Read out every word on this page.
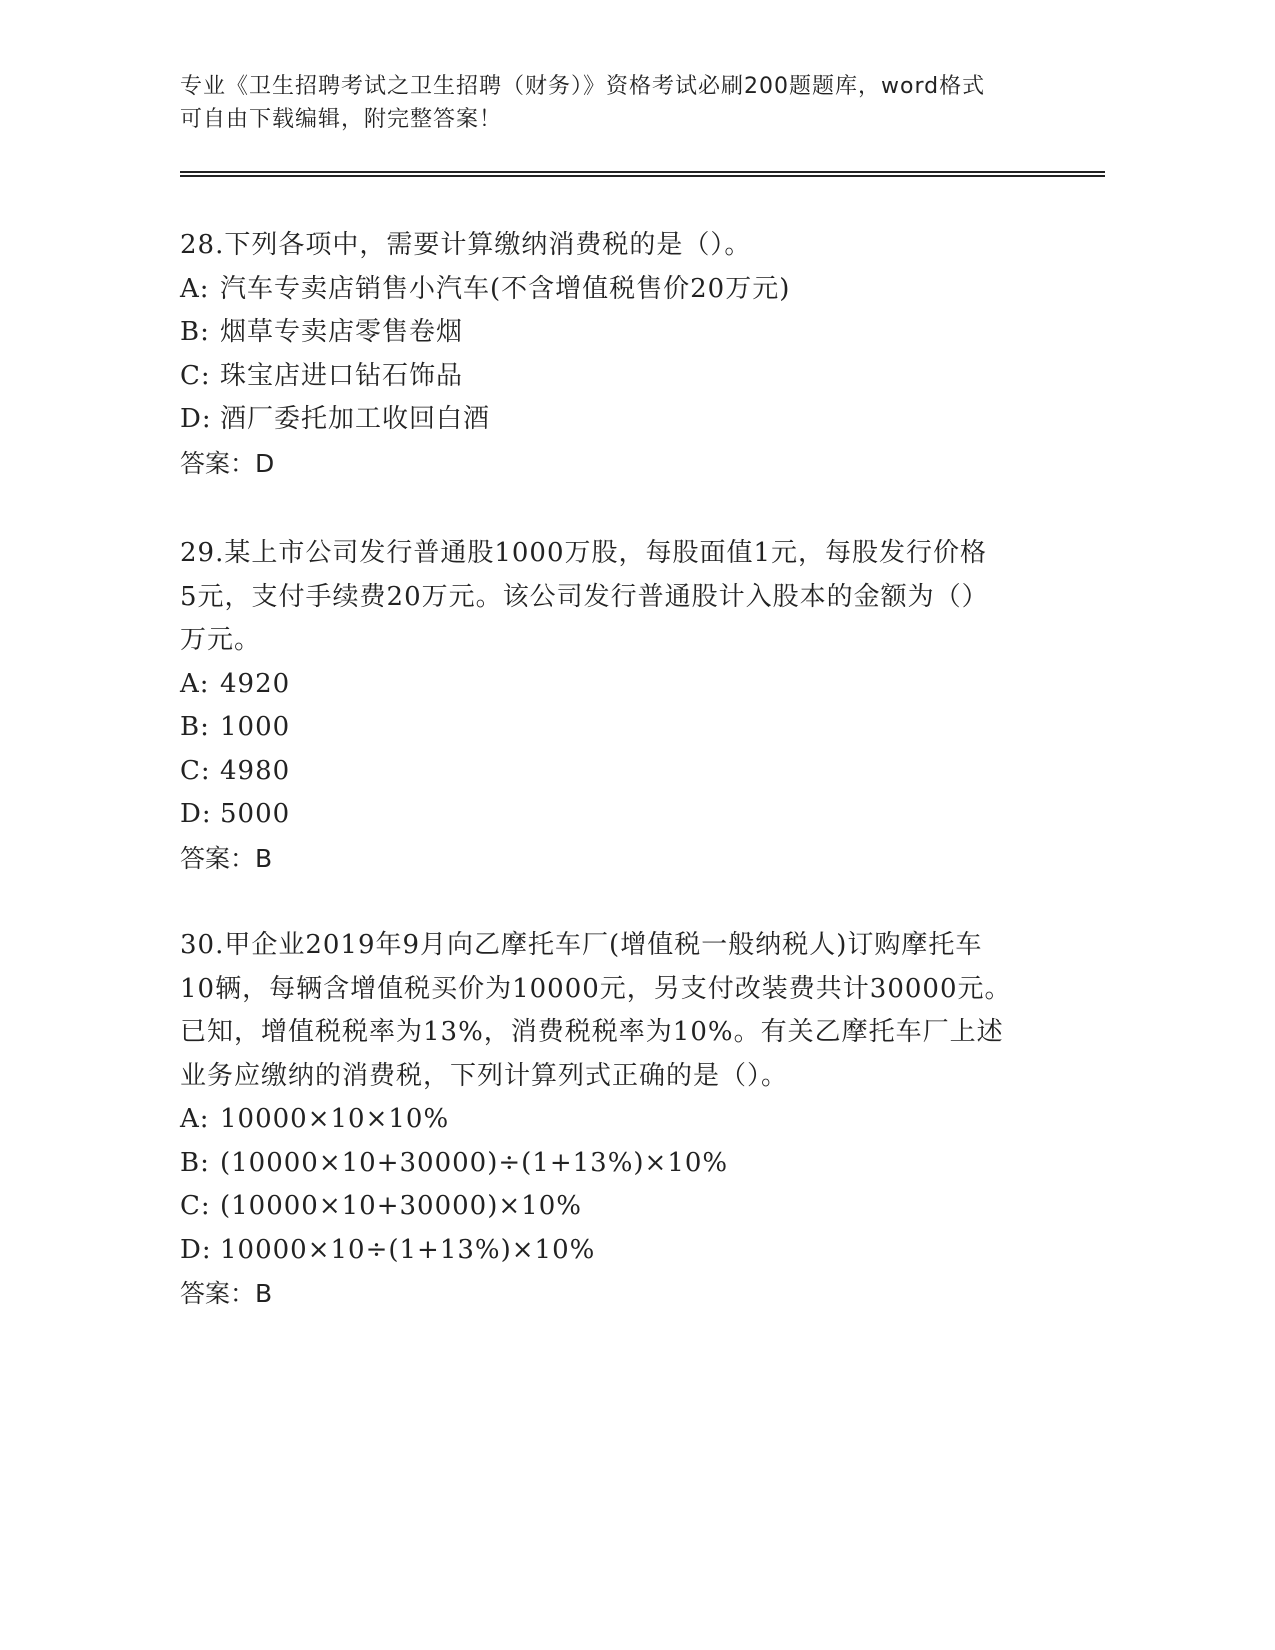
专业《卫生招聘考试之卫生招聘（财务）》资格考试必刷200题题库，word格式
可自由下载编辑，附完整答案！
28.下列各项中，需要计算缴纳消费税的是（）。
A: 汽车专卖店销售小汽车(不含增值税售价20万元)
B: 烟草专卖店零售卷烟
C: 珠宝店进口钻石饰品
D: 酒厂委托加工收回白酒
答案：D
29.某上市公司发行普通股1000万股，每股面值1元，每股发行价格
5元，支付手续费20万元。该公司发行普通股计入股本的金额为（）
万元。
A: 4920
B: 1000
C: 4980
D: 5000
答案：B
30.甲企业2019年9月向乙摩托车厂(增值税一般纳税人)订购摩托车
10辆，每辆含增值税买价为10000元，另支付改装费共计30000元。
已知，增值税税率为13%，消费税税率为10%。有关乙摩托车厂上述
业务应缴纳的消费税，下列计算列式正确的是（）。
A: 10000×10×10%
B: (10000×10+30000)÷(1+13%)×10%
C: (10000×10+30000)×10%
D: 10000×10÷(1+13%)×10%
答案：B
